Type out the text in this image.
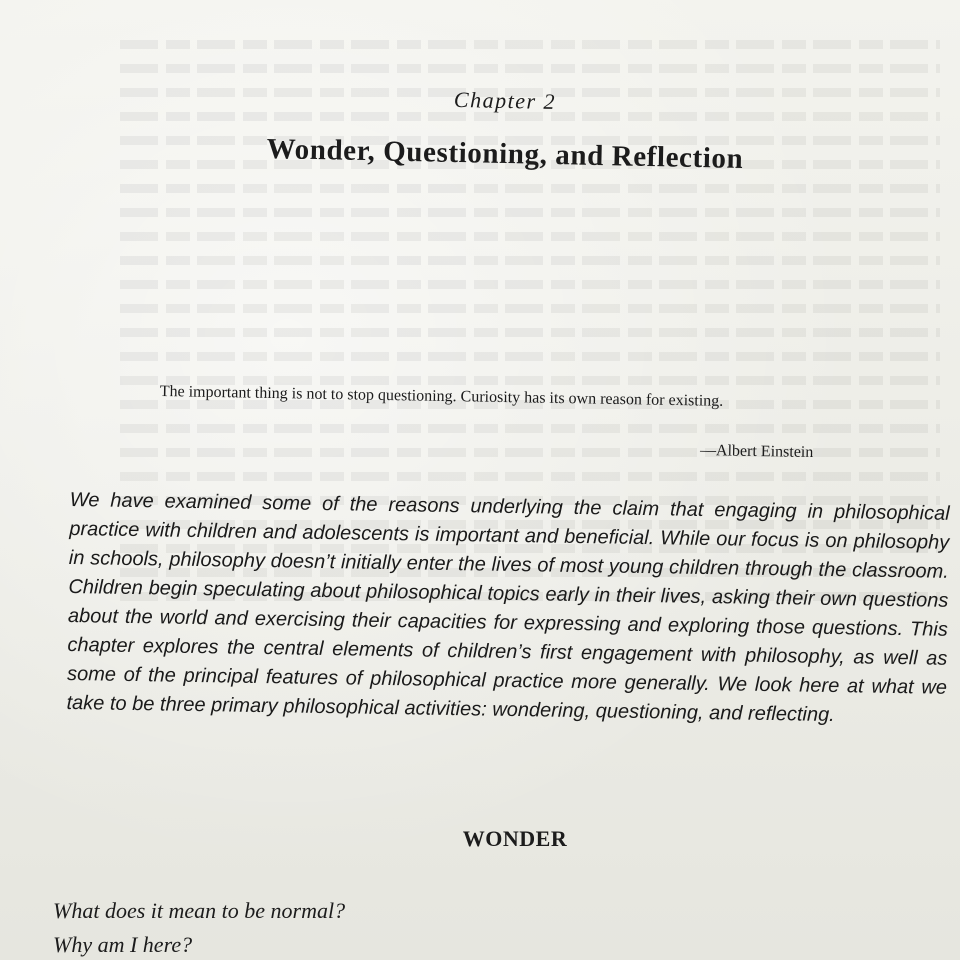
Chapter 2
Wonder, Questioning, and Reflection
The important thing is not to stop questioning. Curiosity has its own reason for existing.
—Albert Einstein
We have examined some of the reasons underlying the claim that engaging in philosophical practice with children and adolescents is important and beneficial. While our focus is on philosophy in schools, philosophy doesn’t initially enter the lives of most young children through the classroom. Children begin speculating about philosophical topics early in their lives, asking their own questions about the world and exercising their capacities for expressing and exploring those questions. This chapter explores the central elements of children’s first engagement with philosophy, as well as some of the principal features of philosophical practice more generally. We look here at what we take to be three primary philosophical activities: wondering, questioning, and reflecting.
WONDER
What does it mean to be normal?
Why am I here?
